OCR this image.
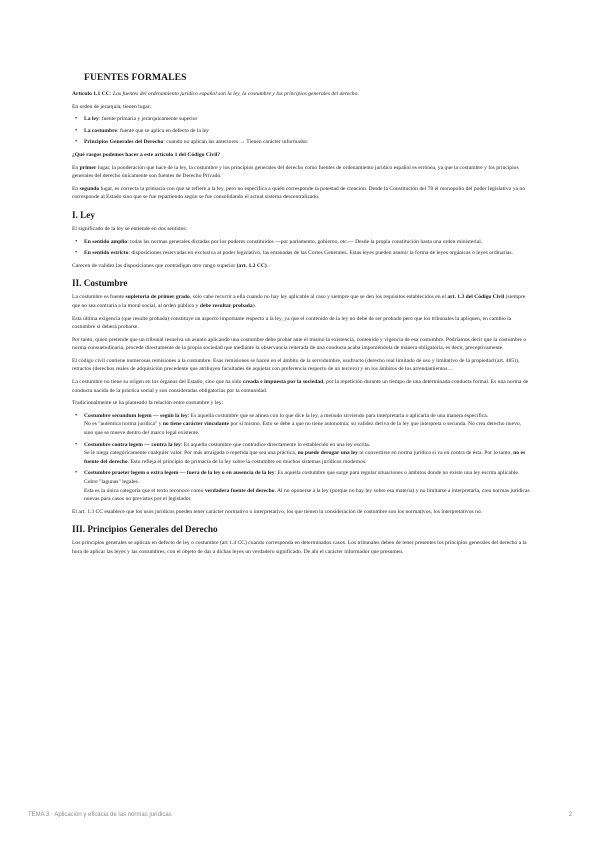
FUENTES FORMALES

Artículo 1.1 CC: Las fuentes del ordenamiento jurídico español son la ley, la costumbre y los principios generales del derecho.

En orden de jerarquía, tienen lugar:

• La ley: fuente primaria y jerárquicamente superior
• La costumbre: fuente que se aplica en defecto de la ley
• Principios Generales del Derecho: cuando no aplican las anteriores → Tienen carácter informador.

¿Qué rasgos podemos hacer a este artículo 1 del Código Civil?

En primer lugar, la ponderación que hace de la ley, la costumbre y los principios generales del derecho como fuentes de ordenamiento jurídico español es errónea, ya que la costumbre y los principios generales del derecho únicamente son fuentes de Derecho Privado.

En segundo lugar, es correcta la primacía con que se refiere a la ley, pero no especifica a quién corresponde la potestad de creación. Desde la Constitución del 78 el monopolio del poder legislativo ya no corresponde al Estado sino que se fue repartiendo según se fue consolidando el actual sistema descentralizado.

I. Ley

El significado de la ley se entiende en dos sentidos:

• En sentido amplio: todas las normas generales dictadas por los poderes constituidos —por parlamento, gobierno, etc.— Desde la propia constitución hasta una orden ministerial.
• En sentido estricto: disposiciones reservadas en exclusiva al poder legislativo, las emanadas de las Cortes Generales. Estas leyes pueden asumir la forma de leyes orgánicas o leyes ordinarias.

Carecen de validez las disposiciones que contradigan otro rango superior (art. 1.2 CC).

II. Costumbre

La costumbre es fuente supletoria de primer grado, sólo cabe recurrir a ella cuando no hay ley aplicable al caso y siempre que se den los requisitos establecidos en el art. 1.3 del Código Civil (siempre que no sea contraria a la moral social, al orden público y debe resultar probada).

Esta última exigencia (que resulte probada) constituye un aspecto importante respecto a la ley, ya que el contenido de la ley no debe de ser probado pero que los tribunales la apliquen, en cambio la costumbre sí deberá probarse.

Por tanto, quien pretende que un tribunal resuelva un asunto aplicando una costumbre debe probar ante el mismo la existencia, contenido y vigencia de esa costumbre. Podríamos decir que la costumbre o norma consuetudinaria, procede directamente de la propia sociedad que mediante la observancia reiterada de una conducta acaba imponiéndola de manera obligatoria, es decir, preceptivamente.

El código civil contiene numerosas remisiones a la costumbre. Esas remisiones se hacen en el ámbito de la servidumbre, usufructo (derecho real limitado de uso y limitativo de la propiedad (art. 485)), retractos (derechos reales de adquisición precedente que atribuyen facultades de aquietar con preferencia respecto de un tercero) y en los ámbitos de los arrendamientos…

La costumbre no tiene su origen en los órganos del Estado, sino que ha sido creada e impuesta por la sociedad, por la repetición durante un tiempo de una determinada conducta formal. Es una norma de conducta nacida de la práctica social y son consideradas obligatorias por la comunidad.

Tradicionalmente se ha planteado la relación entre costumbre y ley:

• Costumbre secundum legem — según la ley: Es aquella costumbre que se alinea con lo que dice la ley, a menudo sirviendo para interpretarla o aplicarla de una manera específica.
No es "auténtica norma jurídica" y no tiene carácter vinculante por sí mismo. Esto se debe a que no tiene autonomía; su validez deriva de la ley que interpreta o secunda. No crea derecho nuevo, sino que se mueve dentro del marco legal existente.
• Costumbre contra legem — contra la ley: Es aquella costumbre que contradice directamente lo establecido en una ley escrita.
Se le niega categóricamente cualquier valor. Por más arraigada o repetida que sea una práctica, no puede derogar una ley ni convertirse en norma jurídica si va en contra de ésta. Por lo tanto, no es fuente del derecho. Esto refleja el principio de primacía de la ley sobre la costumbre en muchos sistemas jurídicos modernos.
• Costumbre praeter legem o extra legem — fuera de la ley o en ausencia de la ley: Es aquella costumbre que surge para regular situaciones o ámbitos donde no existe una ley escrita aplicable. Cubre "lagunas" legales.
Esta es la única categoría que el texto reconoce como verdadera fuente del derecho. Al no oponerse a la ley (porque no hay ley sobre esa materia) y no limitarse a interpretarla, crea normas jurídicas nuevas para casos no previstos por el legislador.

El art. 1.3 CC establece que los usos jurídicos pueden tener carácter normativo o interpretativo, los que tienen la consideración de costumbre son los normativos, los interpretativos no.

III. Principios Generales del Derecho

Los principios generales se aplican en defecto de ley o costumbre (art 1.4 CC) cuando corresponda en determinados casos. Los tribunales deben de tener presentes los principios generales del derecho a la hora de aplicar las leyes y las costumbres, con el objeto de dar a dichas leyes un verdadero significado. De ahí el carácter informador que presumen.

TEMA 3 · Aplicación y eficacia de las normas jurídicas	2
